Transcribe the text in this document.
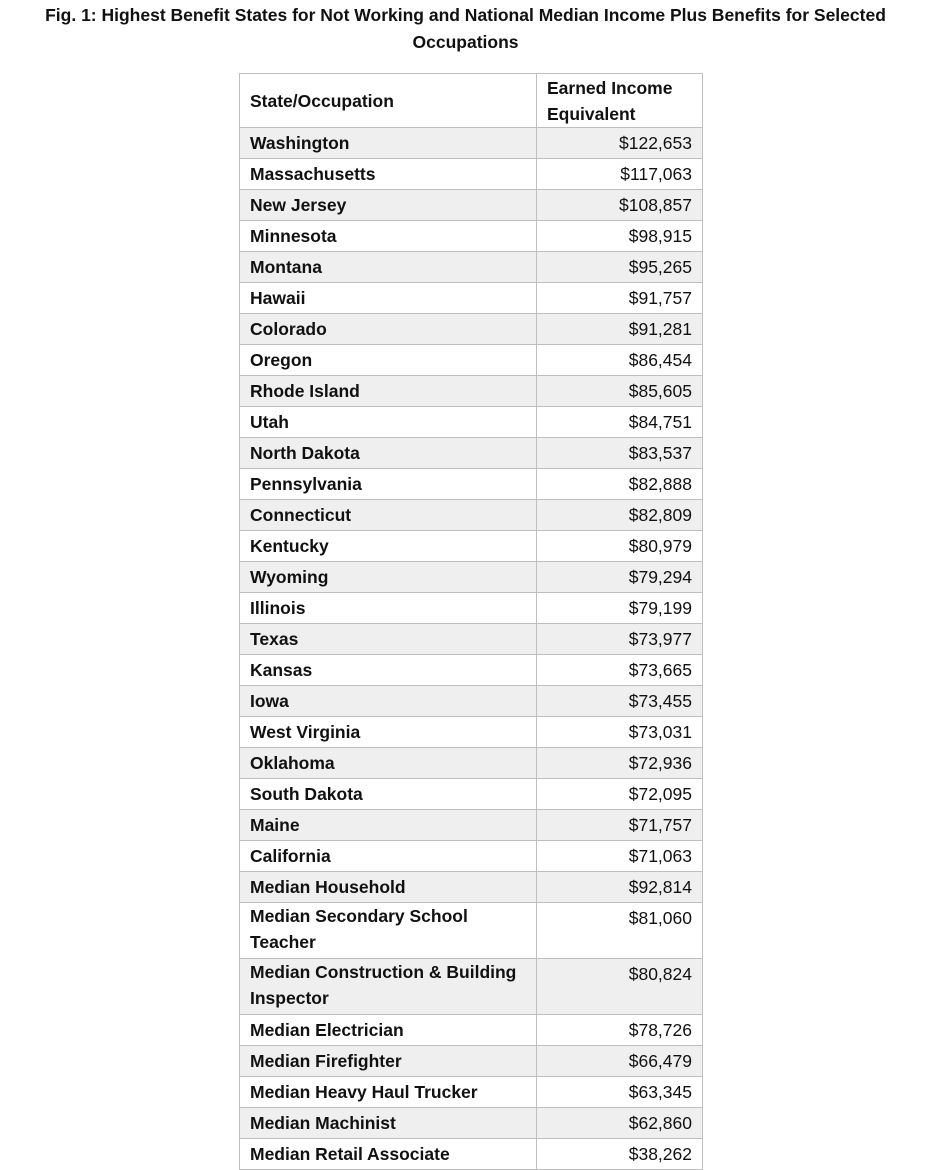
Fig. 1: Highest Benefit States for Not Working and National Median Income Plus Benefits for Selected Occupations
State/Occupation	Earned Income Equivalent
Washington	$122,653
Massachusetts	$117,063
New Jersey	$108,857
Minnesota	$98,915
Montana	$95,265
Hawaii	$91,757
Colorado	$91,281
Oregon	$86,454
Rhode Island	$85,605
Utah	$84,751
North Dakota	$83,537
Pennsylvania	$82,888
Connecticut	$82,809
Kentucky	$80,979
Wyoming	$79,294
Illinois	$79,199
Texas	$73,977
Kansas	$73,665
Iowa	$73,455
West Virginia	$73,031
Oklahoma	$72,936
South Dakota	$72,095
Maine	$71,757
California	$71,063
Median Household	$92,814
Median Secondary School Teacher	$81,060
Median Construction & Building Inspector	$80,824
Median Electrician	$78,726
Median Firefighter	$66,479
Median Heavy Haul Trucker	$63,345
Median Machinist	$62,860
Median Retail Associate	$38,262
